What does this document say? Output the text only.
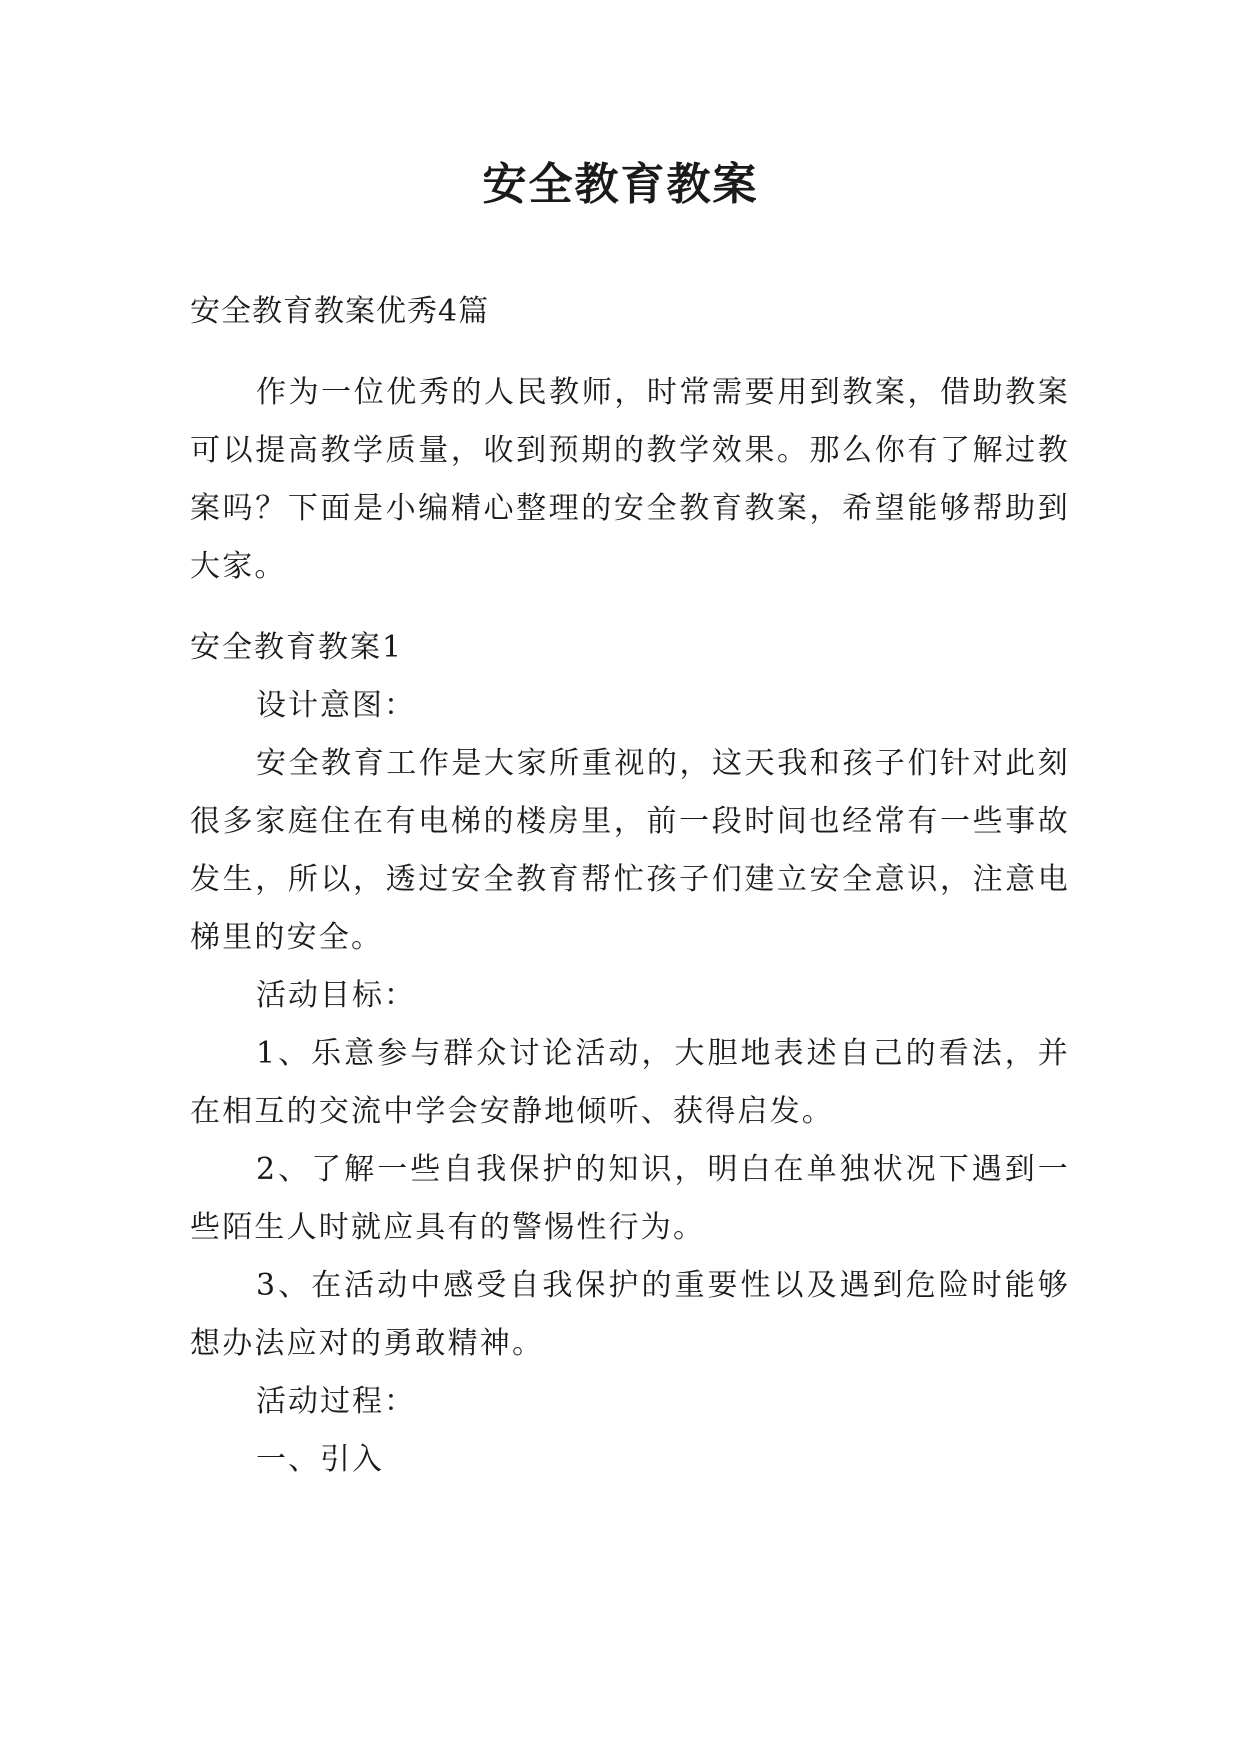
安全教育教案
安全教育教案优秀4篇
作为一位优秀的人民教师，时常需要用到教案，借助教案可以提高教学质量，收到预期的教学效果。那么你有了解过教案吗？下面是小编精心整理的安全教育教案，希望能够帮助到大家。
安全教育教案1
设计意图：
安全教育工作是大家所重视的，这天我和孩子们针对此刻很多家庭住在有电梯的楼房里，前一段时间也经常有一些事故发生，所以，透过安全教育帮忙孩子们建立安全意识，注意电梯里的安全。
活动目标：
1、乐意参与群众讨论活动，大胆地表述自己的看法，并在相互的交流中学会安静地倾听、获得启发。
2、了解一些自我保护的知识，明白在单独状况下遇到一些陌生人时就应具有的警惕性行为。
3、在活动中感受自我保护的重要性以及遇到危险时能够想办法应对的勇敢精神。
活动过程：
一、引入
